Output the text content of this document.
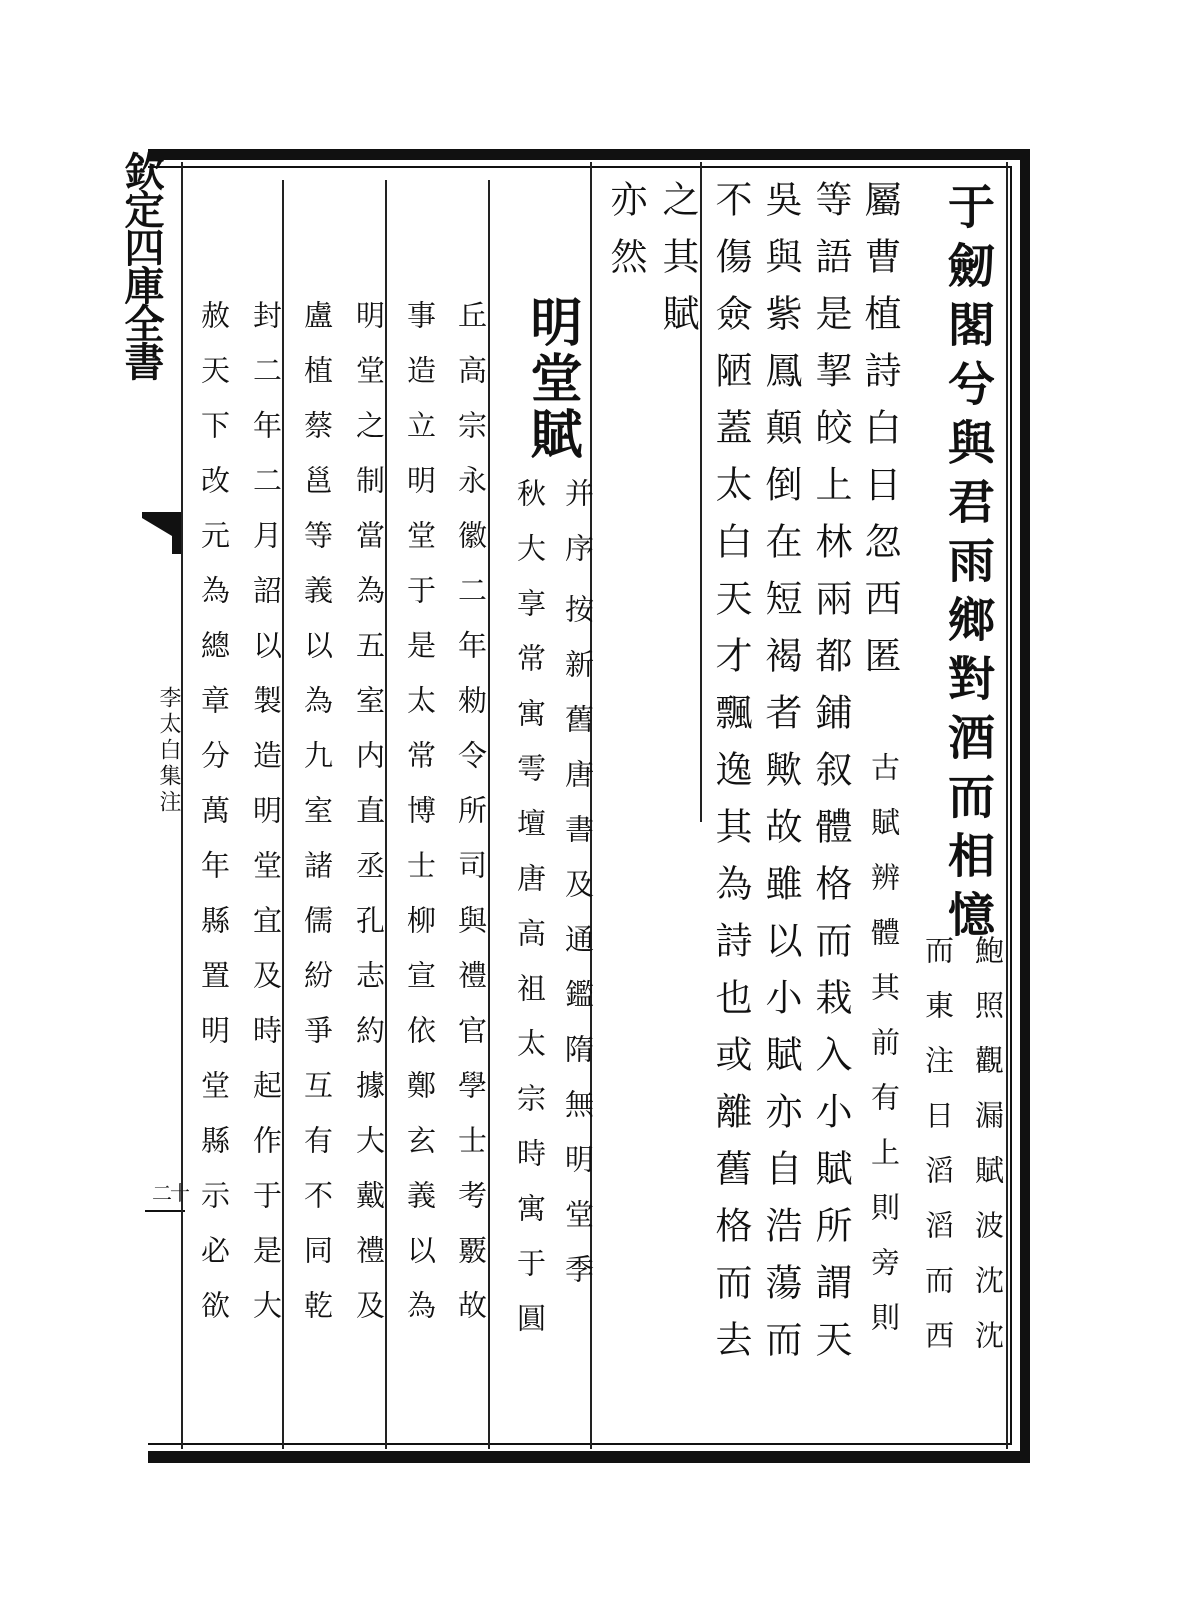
欽定四庫全書
李太白集注
二十
于劒閣兮與君雨鄉對酒而相憶
鮑照觀漏賦波沈沈
而東注日滔滔而西
屬曹植詩白日忽西匿
古賦辨體其前有上則旁則
等語是挈皎上林兩都鋪叙體格而栽入小賦所謂天
吳與紫鳳顛倒在短褐者歟故雖以小賦亦自浩蕩而
不傷僉陋蓋太白天才飄逸其為詩也或離舊格而去
之其賦
亦然
明堂賦
并序
按新舊唐書及通鑑隋無明堂季
秋大享常寓雩壇唐高祖太宗時寓于圓
丘高宗永徽二年勑令所司與禮官學士考覈故
事造立明堂于是太常博士柳宣依鄭玄義以為
明堂之制當為五室内直丞孔志約據大戴禮及
盧植蔡邕等義以為九室諸儒紛爭互有不同乾
封二年二月詔以製造明堂宜及時起作于是大
赦天下改元為總章分萬年縣置明堂縣示必欲
